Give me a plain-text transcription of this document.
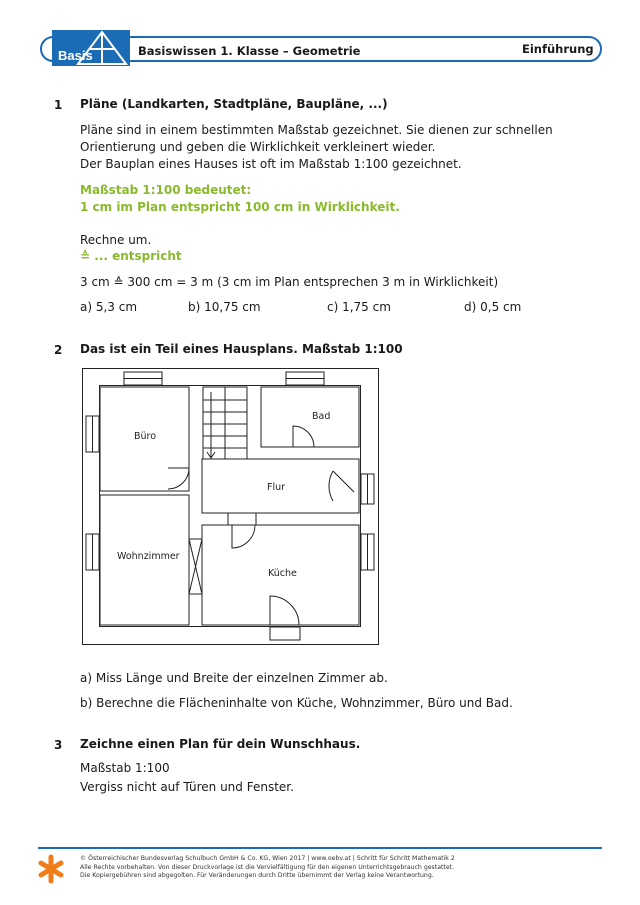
Basis	Basiswissen 1. Klasse – Geometrie	Einführung
1 Pläne (Landkarten, Stadtpläne, Baupläne, ...)
Pläne sind in einem bestimmten Maßstab gezeichnet. Sie dienen zur schnellen
Orientierung und geben die Wirklichkeit verkleinert wieder.
Der Bauplan eines Hauses ist oft im Maßstab 1:100 gezeichnet.
Maßstab 1:100 bedeutet:
1 cm im Plan entspricht 100 cm in Wirklichkeit.
Rechne um.
≙ ... entspricht
3 cm ≙ 300 cm = 3 m (3 cm im Plan entsprechen 3 m in Wirklichkeit)
a) 5,3 cm	b) 10,75 cm	c) 1,75 cm	d) 0,5 cm
2 Das ist ein Teil eines Hausplans. Maßstab 1:100
Büro
Bad
Flur
Wohnzimmer
Küche
a) Miss Länge und Breite der einzelnen Zimmer ab.
b) Berechne die Flächeninhalte von Küche, Wohnzimmer, Büro und Bad.
3 Zeichne einen Plan für dein Wunschhaus.
Maßstab 1:100
Vergiss nicht auf Türen und Fenster.
© Österreichischer Bundesverlag Schulbuch GmbH & Co. KG, Wien 2017 | www.oebv.at | Schritt für Schritt Mathematik 2
Alle Rechte vorbehalten. Von dieser Druckvorlage ist die Vervielfältigung für den eigenen Unterrichtsgebrauch gestattet.
Die Kopiergebühren sind abgegolten. Für Veränderungen durch Dritte übernimmt der Verlag keine Verantwortung.
